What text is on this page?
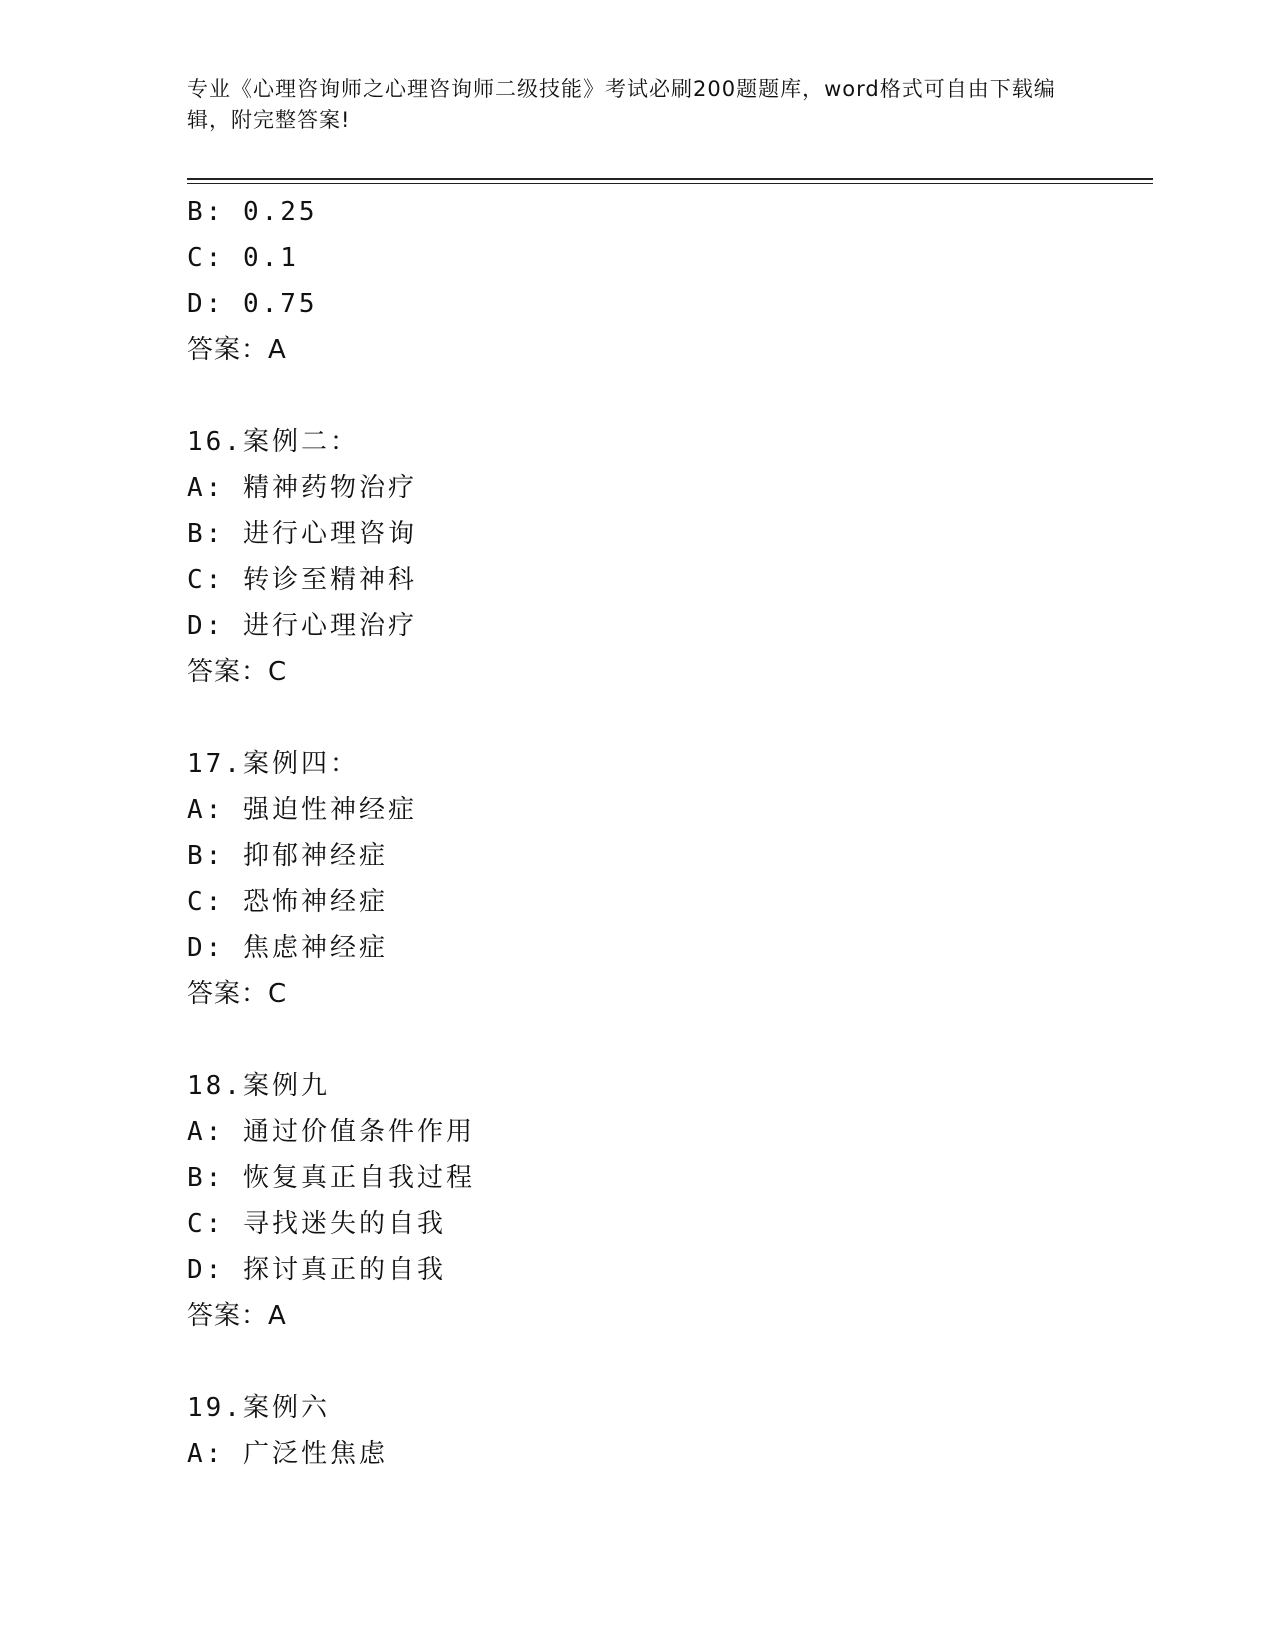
专业《心理咨询师之心理咨询师二级技能》考试必刷200题题库，word格式可自由下载编辑，附完整答案!
B: 0.25
C: 0.1
D: 0.75
答案：A
16.案例二：
A: 精神药物治疗
B: 进行心理咨询
C: 转诊至精神科
D: 进行心理治疗
答案：C
17.案例四：
A: 强迫性神经症
B: 抑郁神经症
C: 恐怖神经症
D: 焦虑神经症
答案：C
18.案例九
A: 通过价值条件作用
B: 恢复真正自我过程
C: 寻找迷失的自我
D: 探讨真正的自我
答案：A
19.案例六
A: 广泛性焦虑
